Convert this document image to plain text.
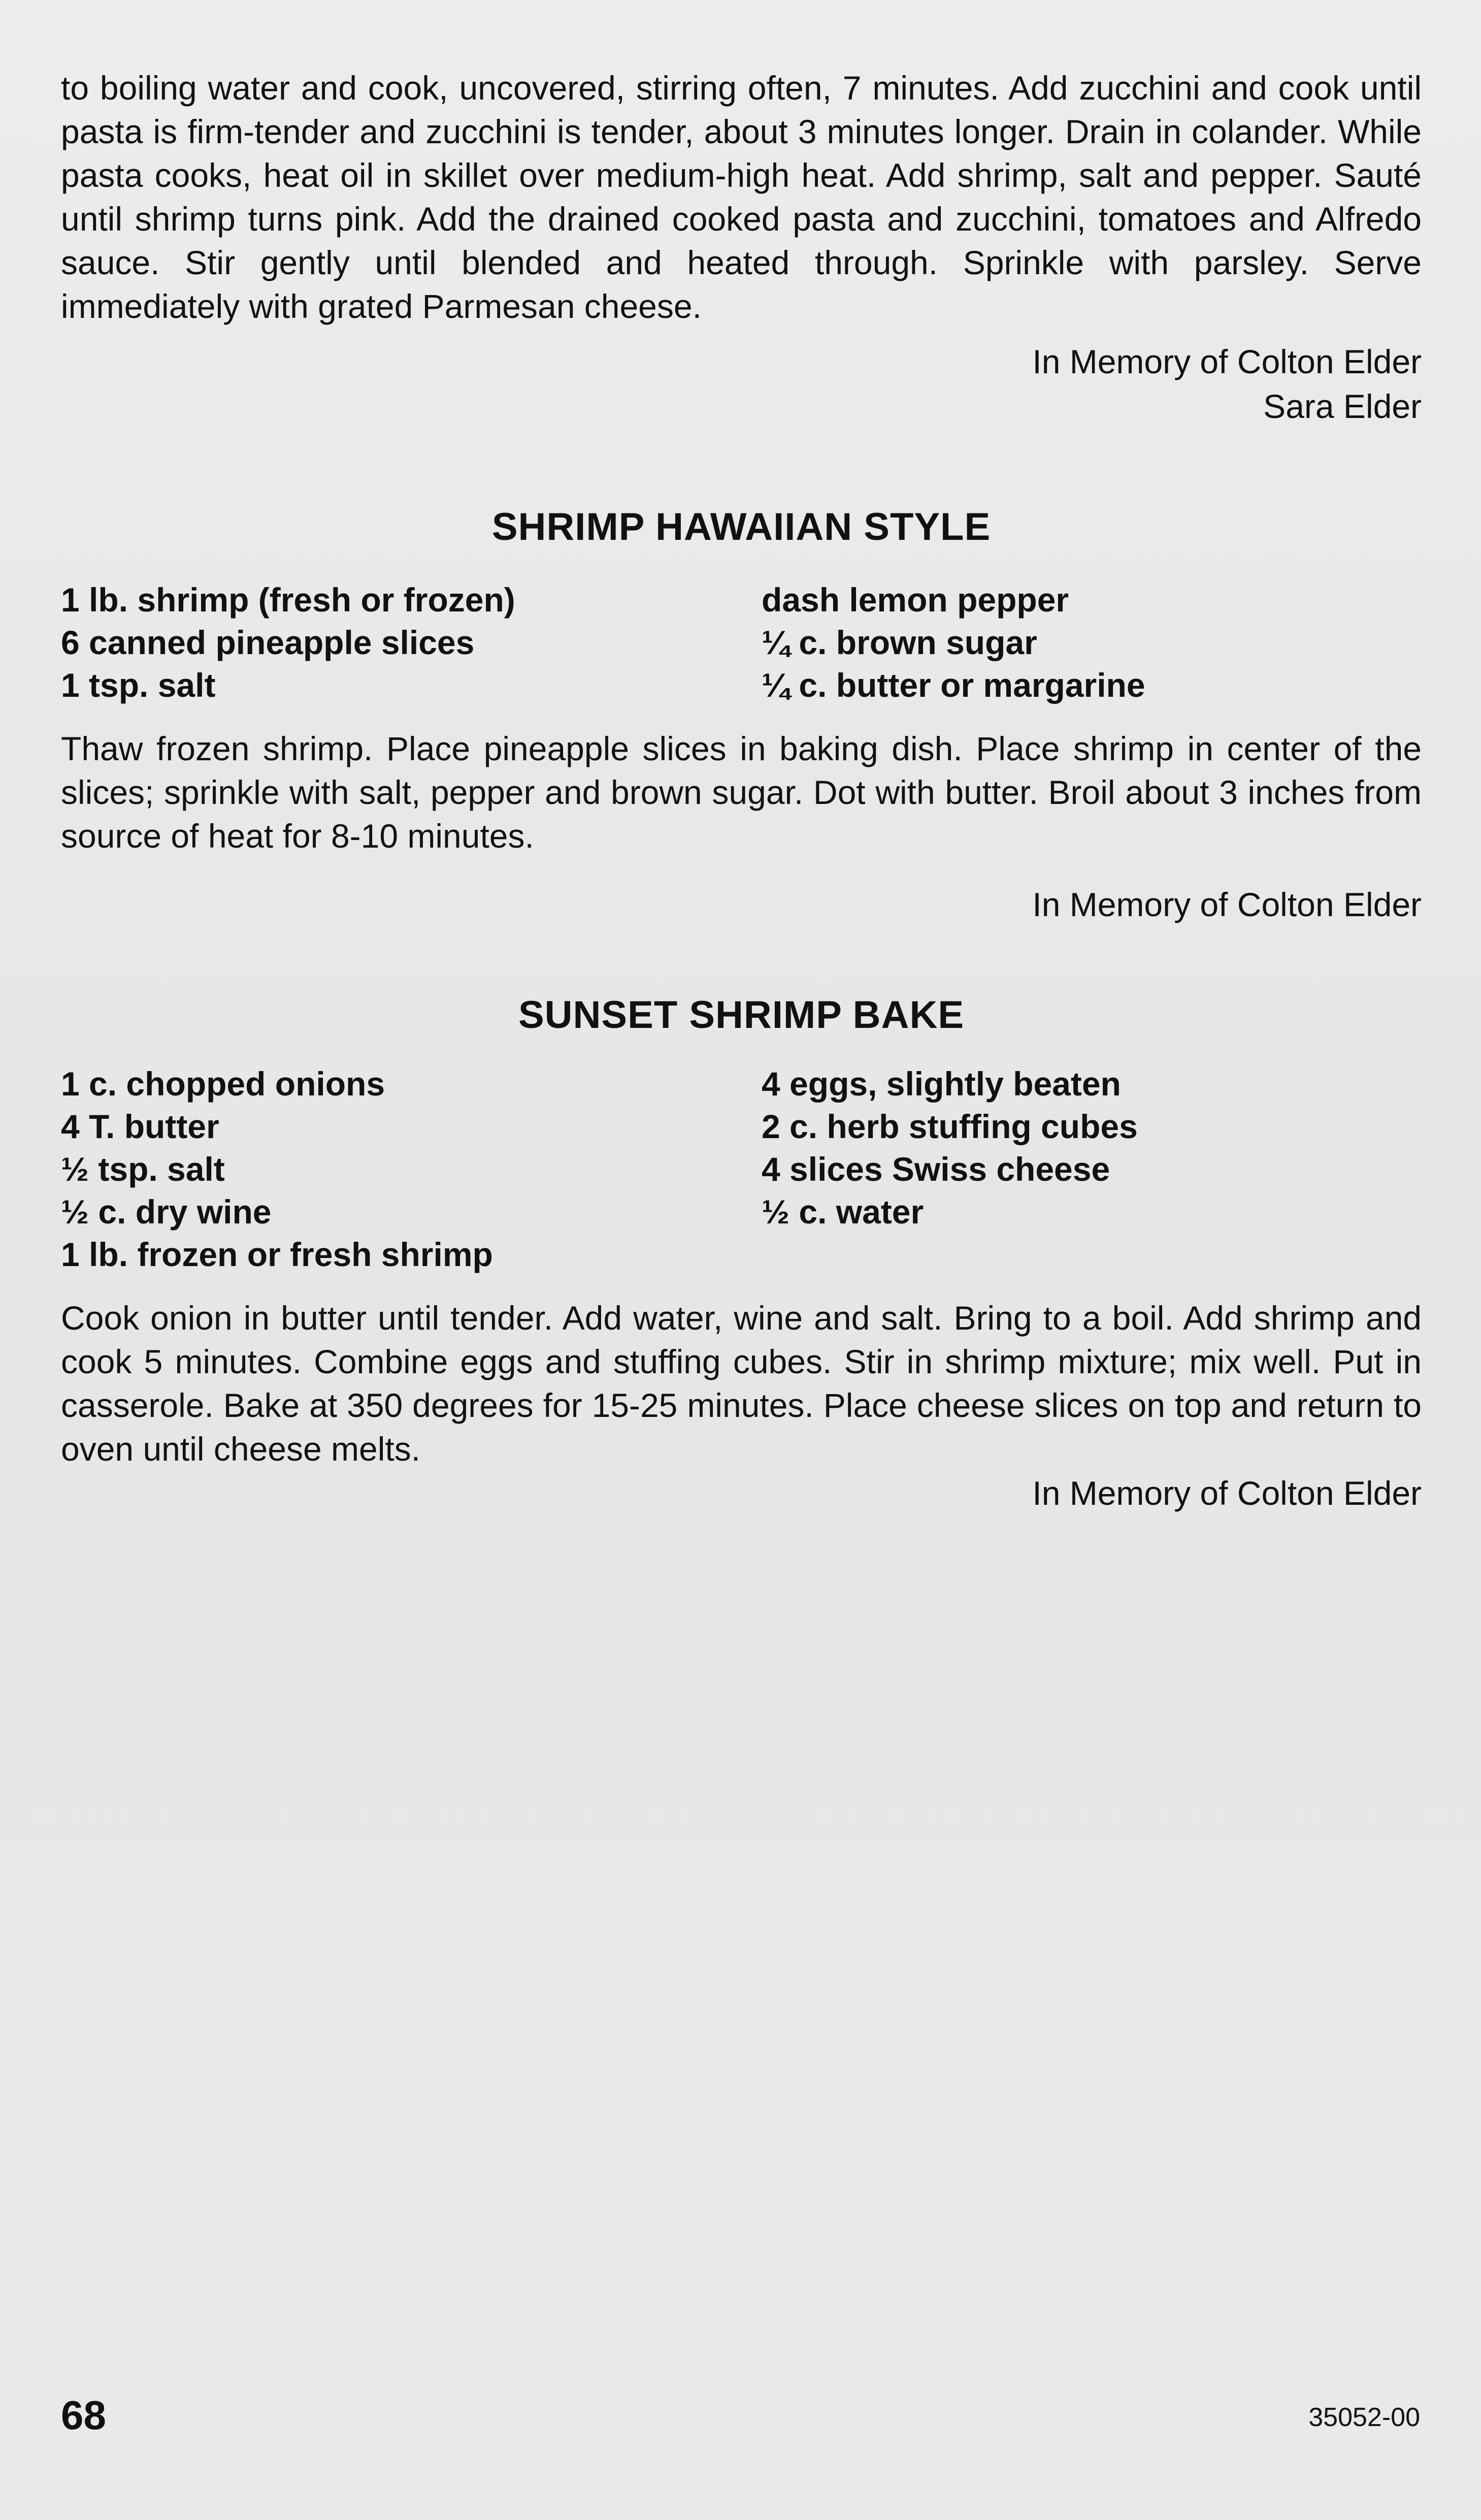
to boiling water and cook, uncovered, stirring often, 7 minutes. Add zucchini and cook until pasta is firm-tender and zucchini is tender, about 3 minutes longer. Drain in colander. While pasta cooks, heat oil in skillet over medium-high heat. Add shrimp, salt and pepper. Sauté until shrimp turns pink. Add the drained cooked pasta and zucchini, tomatoes and Alfredo sauce. Stir gently until blended and heated through. Sprinkle with parsley. Serve immediately with grated Parmesan cheese.

In Memory of Colton Elder

Sara Elder

SHRIMP HAWAIIAN STYLE
1 lb. shrimp (fresh or frozen)
6 canned pineapple slices
1 tsp. salt
dash lemon pepper
¼ c. brown sugar
¼ c. butter or margarine

Thaw frozen shrimp. Place pineapple slices in baking dish. Place shrimp in center of the slices; sprinkle with salt, pepper and brown sugar. Dot with butter. Broil about 3 inches from source of heat for 8-10 minutes.

In Memory of Colton Elder

SUNSET SHRIMP BAKE
1 c. chopped onions
4 T. butter
½ tsp. salt
½ c. dry wine
1 lb. frozen or fresh shrimp
4 eggs, slightly beaten
2 c. herb stuffing cubes
4 slices Swiss cheese
½ c. water

Cook onion in butter until tender. Add water, wine and salt. Bring to a boil. Add shrimp and cook 5 minutes. Combine eggs and stuffing cubes. Stir in shrimp mixture; mix well. Put in casserole. Bake at 350 degrees for 15-25 minutes. Place cheese slices on top and return to oven until cheese melts.

In Memory of Colton Elder

68	35052-00
